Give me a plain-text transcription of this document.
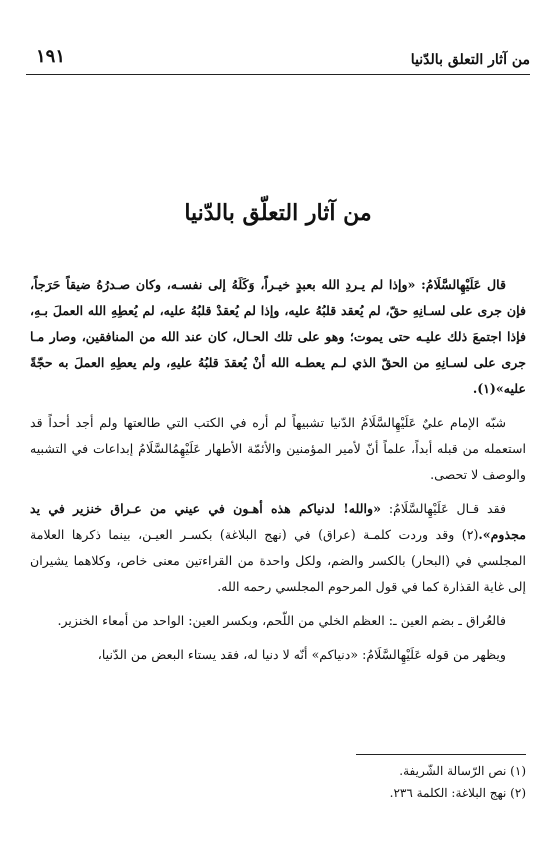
من آثار التعلق بالدّنيا
١٩١
من آثار التعلّق بالدّنيا

قال عَلَيْهِالسَّلَامُ: «وإذا لم يـردِ الله بعبدٍ خيـراً، وَكَلَهُ إلى نفسـه، وكان صـدرُهُ ضيقاً حَرَجاً، فإن جرى على لسـانِهِ حقّ، لم يُعقد قلبُهُ عليه، وإذا لم يُعقدْ قلبُهُ عليه، لم يُعطِهِ الله العملَ بـهِ، فإذا اجتمعَ ذلك عليـه حتى يموت؛ وهو على تلك الحـال، كان عند الله من المنافقين، وصار مـا جرى على لسـانِهِ من الحقّ الذي لـم يعطـه الله أنْ يُعقدَ قلبُهُ عليهِ، ولم يعطِهِ العملَ به حجّةً عليه»(١).

شبّه الإمام عليٌ عَلَيْهِالسَّلَامُ الدّنيا تشبيهاً لم أره في الكتب التي طالعتها ولم أجد أحداً قد استعمله من قبله أبداً، علماً أنّ لأمير المؤمنين والأئمّة الأطهار عَلَيْهِمُالسَّلَامُ إبداعات في التشبيه والوصف لا تحصى.

فقد قـال عَلَيْهِالسَّلَامُ: «والله! لدنياكم هذه أهـون في عيني من عـراق خنزير في يد مجذوم».(٢) وقد وردت كلمـة (عراق) في (نهج البلاغة) بكسـر العيـن، بينما ذكرها العلامة المجلسي في (البحار) بالكسر والضم، ولكل واحدة من القراءتين معنى خاص، وكلاهما يشيران إلى غاية القذارة كما في قول المرحوم المجلسي رحمه الله.

فالعُراق ـ بضم العين ـ: العظم الخلي من اللّحم، وبكسر العين: الواحد من أمعاء الخنزير.

ويظهر من قوله عَلَيْهِالسَّلَامُ: «دنياكم» أنّه لا دنيا له، فقد يستاء البعض من الدّنيا،

(١) نص الرّسالة الشّريفة.
(٢) نهج البلاغة: الكلمة ٢٣٦.
